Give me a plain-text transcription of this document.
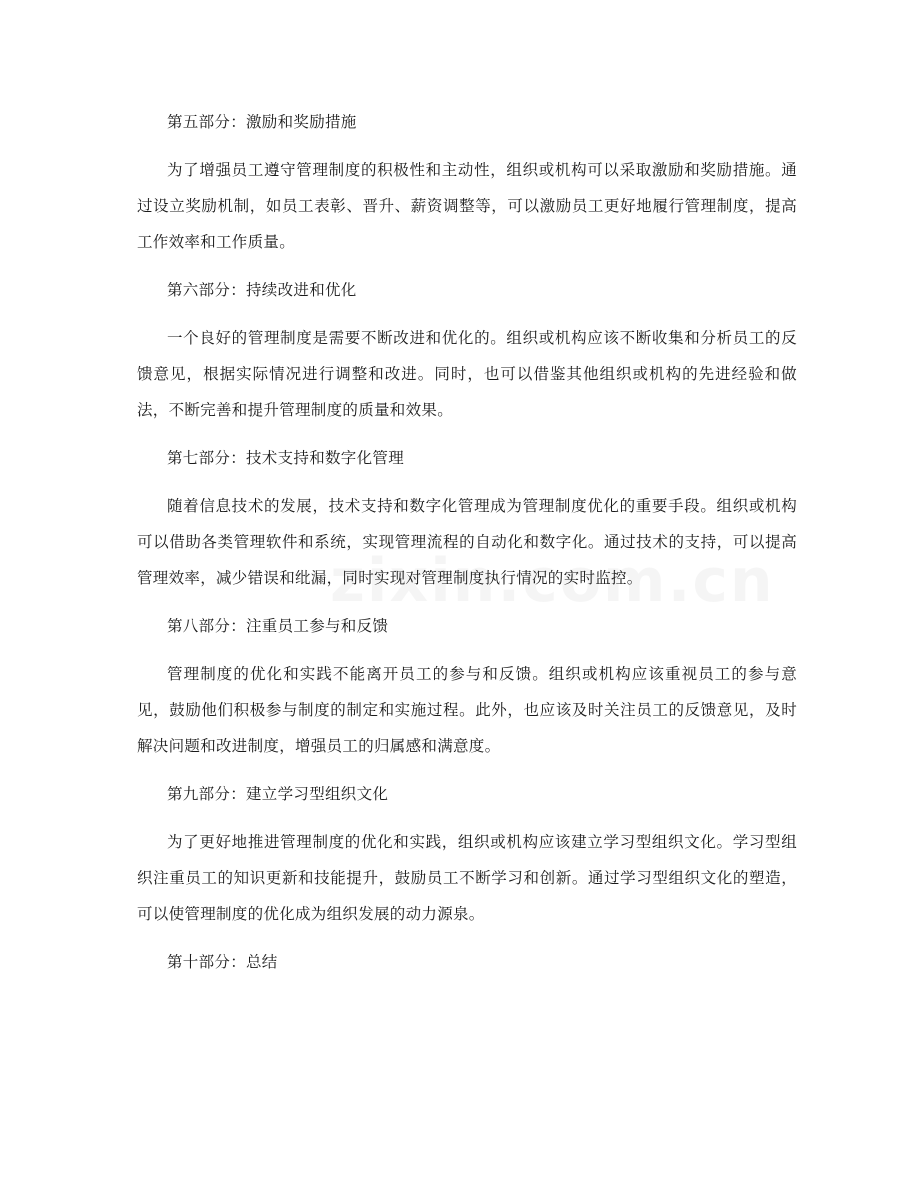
第五部分：激励和奖励措施

为了增强员工遵守管理制度的积极性和主动性，组织或机构可以采取激励和奖励措施。通过设立奖励机制，如员工表彰、晋升、薪资调整等，可以激励员工更好地履行管理制度，提高工作效率和工作质量。

第六部分：持续改进和优化

一个良好的管理制度是需要不断改进和优化的。组织或机构应该不断收集和分析员工的反馈意见，根据实际情况进行调整和改进。同时，也可以借鉴其他组织或机构的先进经验和做法，不断完善和提升管理制度的质量和效果。

第七部分：技术支持和数字化管理

随着信息技术的发展，技术支持和数字化管理成为管理制度优化的重要手段。组织或机构可以借助各类管理软件和系统，实现管理流程的自动化和数字化。通过技术的支持，可以提高管理效率，减少错误和纰漏，同时实现对管理制度执行情况的实时监控。

第八部分：注重员工参与和反馈

管理制度的优化和实践不能离开员工的参与和反馈。组织或机构应该重视员工的参与意见，鼓励他们积极参与制度的制定和实施过程。此外，也应该及时关注员工的反馈意见，及时解决问题和改进制度，增强员工的归属感和满意度。

第九部分：建立学习型组织文化

为了更好地推进管理制度的优化和实践，组织或机构应该建立学习型组织文化。学习型组织注重员工的知识更新和技能提升，鼓励员工不断学习和创新。通过学习型组织文化的塑造，可以使管理制度的优化成为组织发展的动力源泉。

第十部分：总结
